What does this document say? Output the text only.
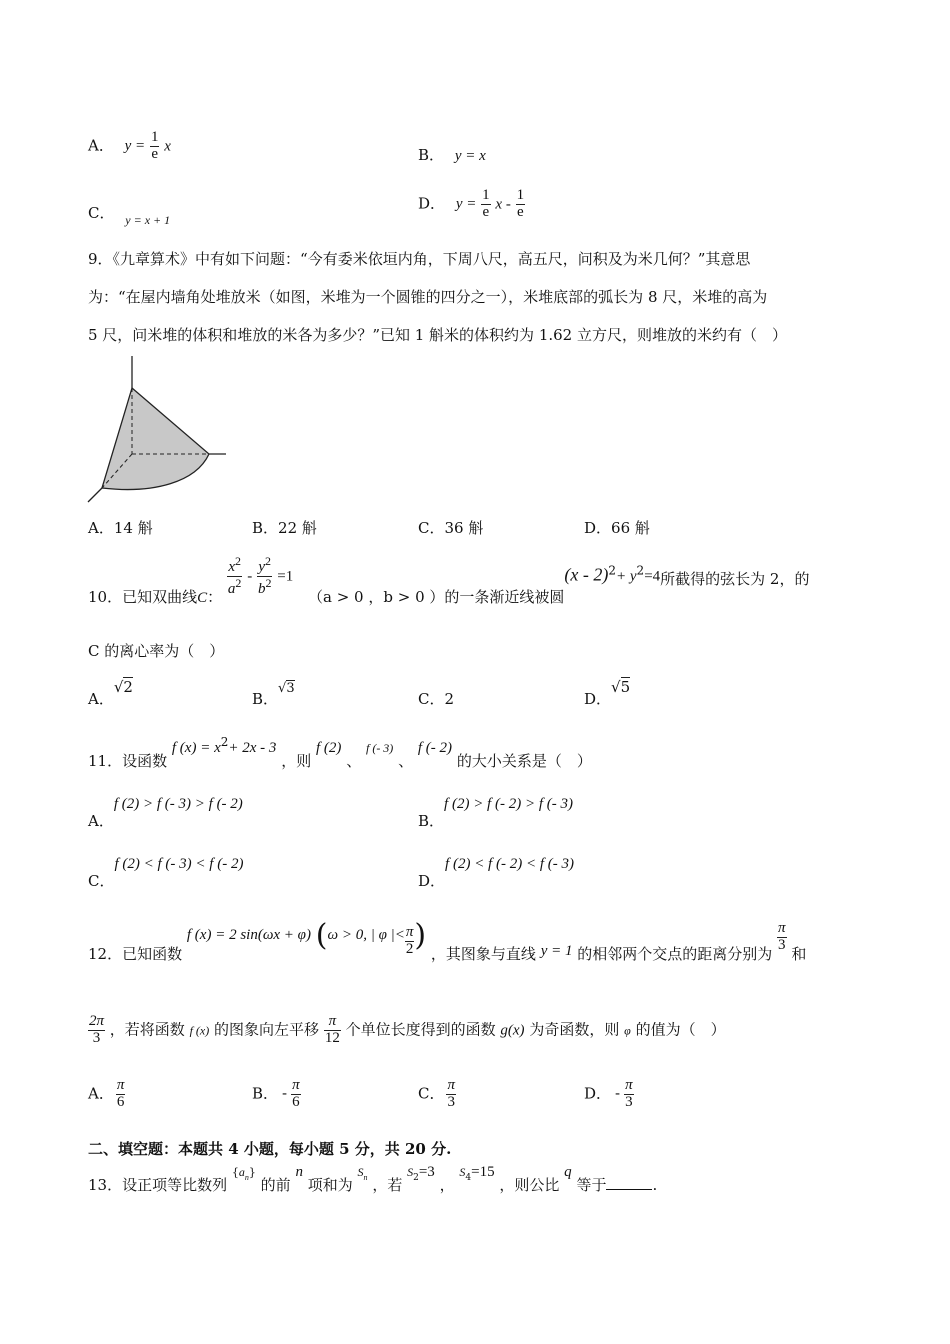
A． $y = \frac{1}{e}$ x	B． y = x
C． $_{y = x + 1}$
D． $y = \frac{1}{e}$ x - $\frac{1}{e}$
9．《九章算术》中有如下问题：“今有委米依垣内角，下周八尺，高五尺，问积及为米几何？”其意思
为：“在屋内墙角处堆放米（如图，米堆为一个圆锥的四分之一），米堆底部的弧长为 8 尺，米堆的高为
5 尺，问米堆的体积和堆放的米各为多少？”已知 1 斛米的体积约为 1.62 立方尺，则堆放的米约有（　）
A．14 斛	B．22 斛	C．36 斛	D．66 斛
10．已知双曲线C： $\frac{x^2}{a^2} - \frac{y^2}{b^2} =1$ （a > 0 ，b > 0 ）的一条渐近线被圆$(x - 2)^2+ y^2=4$所截得的弦长为 2，的
C 的离心率为（　）
A．√2
B．√3
C．2	D．√5
11．设函数 f $(x) = x^2+ 2x - 3$ ，则 f (2) 、 f (- 3) 、 f (- 2) 的大小关系是（　）
A．f (2) > f (- 3) > f (- 2)
B．f (2) > f (- 2) > f (- 3)
C．f (2) < f (- 3) < f (- 2)
D．f (2) < f (- 2) < f (- 3)
12．已知函数 f (x) = 2 sin(ωx + φ) (ω > 0, | φ |< $\frac{\pi}{2}$ ) ，其图象与直线 y = 1 的相邻两个交点的距离分别为
$\frac{\pi}{3}$
和
$\frac{2\pi}{3}$ ，若将函数 f (x) 的图象向左平移 $\frac{\pi}{12}$ 个单位长度得到的函数 g(x) 为奇函数，则 φ 的值为（　）
A． $\frac{\pi}{6}$	B． - $\frac{\pi}{6}$	C． $\frac{\pi}{3}$	D． - $\frac{\pi}{3}$
二、填空题：本题共 4 小题，每小题 5 分，共 20 分.
13．设正项等比数列 $\{a_n\}$ 的前 n 项和为 $S_n$ ，若 $S_2=3$ ， $S_4=15$ ，则公比 q 等于	.
